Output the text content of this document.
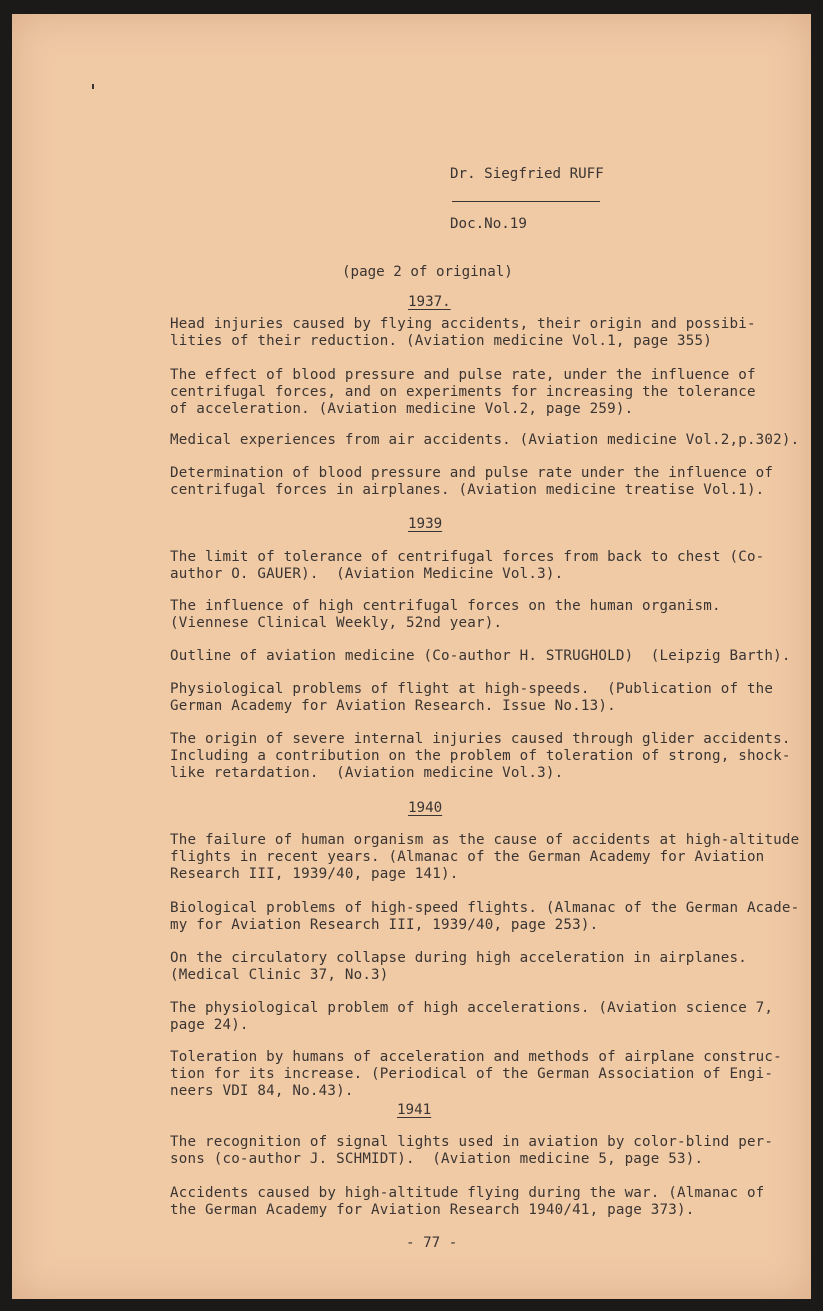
Dr. Siegfried RUFF
Doc.No.19
(page 2 of original)
1937.
Head injuries caused by flying accidents, their origin and possibi-
lities of their reduction. (Aviation medicine Vol.1, page 355)
The effect of blood pressure and pulse rate, under the influence of
centrifugal forces, and on experiments for increasing the tolerance
of acceleration. (Aviation medicine Vol.2, page 259).
Medical experiences from air accidents. (Aviation medicine Vol.2,p.302).
Determination of blood pressure and pulse rate under the influence of
centrifugal forces in airplanes. (Aviation medicine treatise Vol.1).
1939
The limit of tolerance of centrifugal forces from back to chest (Co-
author O. GAUER).  (Aviation Medicine Vol.3).
The influence of high centrifugal forces on the human organism.
(Viennese Clinical Weekly, 52nd year).
Outline of aviation medicine (Co-author H. STRUGHOLD)  (Leipzig Barth).
Physiological problems of flight at high-speeds.  (Publication of the
German Academy for Aviation Research. Issue No.13).
The origin of severe internal injuries caused through glider accidents.
Including a contribution on the problem of toleration of strong, shock-
like retardation.  (Aviation medicine Vol.3).
1940
The failure of human organism as the cause of accidents at high-altitude
flights in recent years. (Almanac of the German Academy for Aviation
Research III, 1939/40, page 141).
Biological problems of high-speed flights. (Almanac of the German Acade-
my for Aviation Research III, 1939/40, page 253).
On the circulatory collapse during high acceleration in airplanes.
(Medical Clinic 37, No.3)
The physiological problem of high accelerations. (Aviation science 7,
page 24).
Toleration by humans of acceleration and methods of airplane construc-
tion for its increase. (Periodical of the German Association of Engi-
neers VDI 84, No.43).
1941
The recognition of signal lights used in aviation by color-blind per-
sons (co-author J. SCHMIDT).  (Aviation medicine 5, page 53).
Accidents caused by high-altitude flying during the war. (Almanac of
the German Academy for Aviation Research 1940/41, page 373).
- 77 -
